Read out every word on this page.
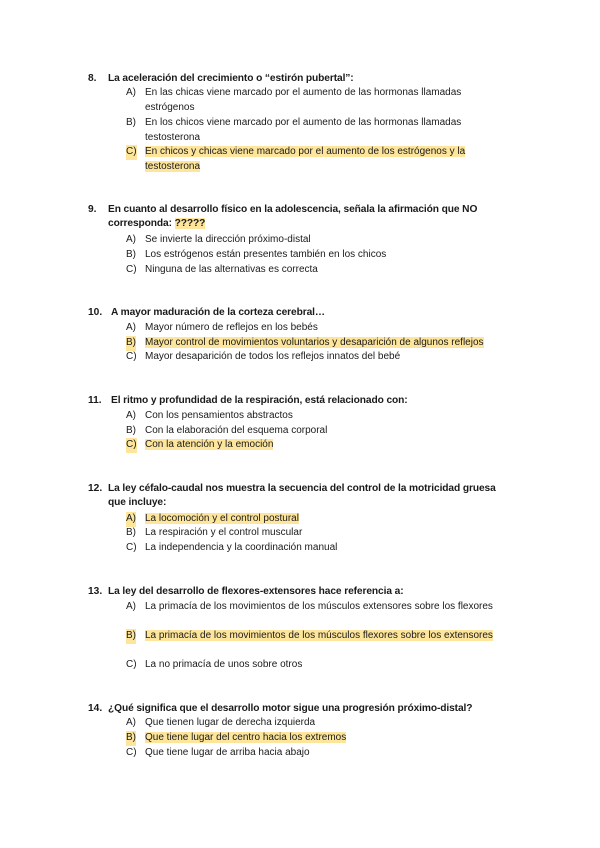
8. La aceleración del crecimiento o “estirón pubertal”:
A) En las chicas viene marcado por el aumento de las hormonas llamadas estrógenos
B) En los chicos viene marcado por el aumento de las hormonas llamadas testosterona
C) En chicos y chicas viene marcado por el aumento de los estrógenos y la testosterona
9. En cuanto al desarrollo físico en la adolescencia, señala la afirmación que NO corresponda: ?????
A) Se invierte la dirección próximo-distal
B) Los estrógenos están presentes también en los chicos
C) Ninguna de las alternativas es correcta
10. A mayor maduración de la corteza cerebral…
A) Mayor número de reflejos en los bebés
B) Mayor control de movimientos voluntarios y desaparición de algunos reflejos
C) Mayor desaparición de todos los reflejos innatos del bebé
11. El ritmo y profundidad de la respiración, está relacionado con:
A) Con los pensamientos abstractos
B) Con la elaboración del esquema corporal
C) Con la atención y la emoción
12. La ley céfalo-caudal nos muestra la secuencia del control de la motricidad gruesa que incluye:
A) La locomoción y el control postural
B) La respiración y el control muscular
C) La independencia y la coordinación manual
13. La ley del desarrollo de flexores-extensores hace referencia a:
A) La primacía de los movimientos de los músculos extensores sobre los flexores
B) La primacía de los movimientos de los músculos flexores sobre los extensores
C) La no primacía de unos sobre otros
14. ¿Qué significa que el desarrollo motor sigue una progresión próximo-distal?
A) Que tienen lugar de derecha izquierda
B) Que tiene lugar del centro hacia los extremos
C) Que tiene lugar de arriba hacia abajo
